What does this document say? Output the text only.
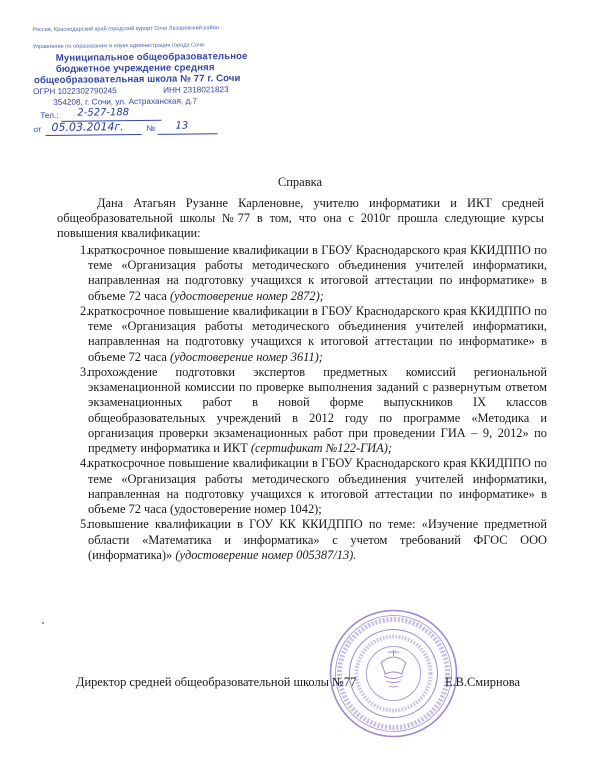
Россия, Краснодарский край городской курорт Сочи Лазаревский район
Управление по образованию и науке администрации города Сочи
Муниципальное общеобразовательное
бюджетное учреждение средняя
общеобразовательная школа № 77 г. Сочи
ОГРН 1022302790245	ИНН 2318021823
354208, г. Сочи, ул. Астраханская, д.7
Тел.: 2-527-188
от 05.03.2014г.	№ 13
Справка
Дана Атагьян Рузанне Карленовне, учителю информатики и ИКТ средней общеобразовательной школы №77 в том, что она с 2010г прошла следующие курсы повышения квалификации:
1.
краткосрочное повышение квалификации в ГБОУ Краснодарского края ККИДППО по теме «Организация работы методического объединения учителей информатики, направленная на подготовку учащихся к итоговой аттестации по информатике» в объеме 72 часа (удостоверение номер 2872);
2.
краткосрочное повышение квалификации в ГБОУ Краснодарского края ККИДППО по теме «Организация работы методического объединения учителей информатики, направленная на подготовку учащихся к итоговой аттестации по информатике» в объеме 72 часа (удостоверение номер 3611);
3.
прохождение подготовки экспертов предметных комиссий региональной экзаменационной комиссии по проверке выполнения заданий с развернутым ответом экзаменационных работ в новой форме выпускников IX классов общеобразовательных учреждений в 2012 году по программе «Методика и организация проверки экзаменационных работ при проведении ГИА – 9, 2012» по предмету информатика и ИКТ (сертификат №122-ГИА);
4.
краткосрочное повышение квалификации в ГБОУ Краснодарского края ККИДППО по теме «Организация работы методического объединения учителей информатики, направленная на подготовку учащихся к итоговой аттестации по информатике» в объеме 72 часа (удостоверение номер 1042);
5.
повышение квалификации в ГОУ КК ККИДППО по теме: «Изучение предметной области «Математика и информатика» с учетом требований ФГОС ООО (информатика)» (удостоверение номер 005387/13).
Директор средней общеобразовательной школы №77	Е.В.Смирнова
